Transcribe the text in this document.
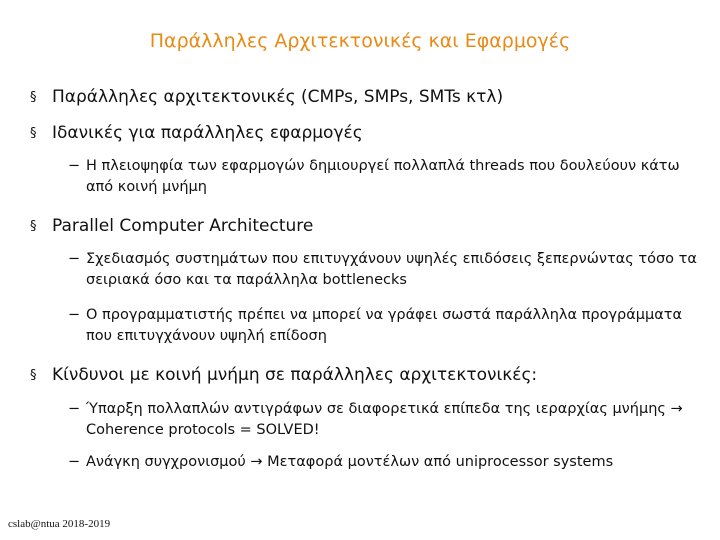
Παράλληλες Αρχιτεκτονικές και Εφαρμογές
§ Παράλληλες αρχιτεκτονικές (CMPs, SMPs, SMTs κτλ)
§ Ιδανικές για παράλληλες εφαρμογές
− Η πλειοψηφία των εφαρμογών δημιουργεί πολλαπλά threads που δουλεύουν κάτω από κοινή μνήμη
§ Parallel Computer Architecture
− Σχεδιασμός συστημάτων που επιτυγχάνουν υψηλές επιδόσεις ξεπερνώντας τόσο τα σειριακά όσο και τα παράλληλα bottlenecks
− Ο προγραμματιστής πρέπει να μπορεί να γράφει σωστά παράλληλα προγράμματα που επιτυγχάνουν υψηλή επίδοση
§ Κίνδυνοι με κοινή μνήμη σε παράλληλες αρχιτεκτονικές:
− Ύπαρξη πολλαπλών αντιγράφων σε διαφορετικά επίπεδα της ιεραρχίας μνήμης → Coherence protocols = SOLVED!
− Ανάγκη συγχρονισμού → Μεταφορά μοντέλων από uniprocessor systems
cslab@ntua 2018-2019
